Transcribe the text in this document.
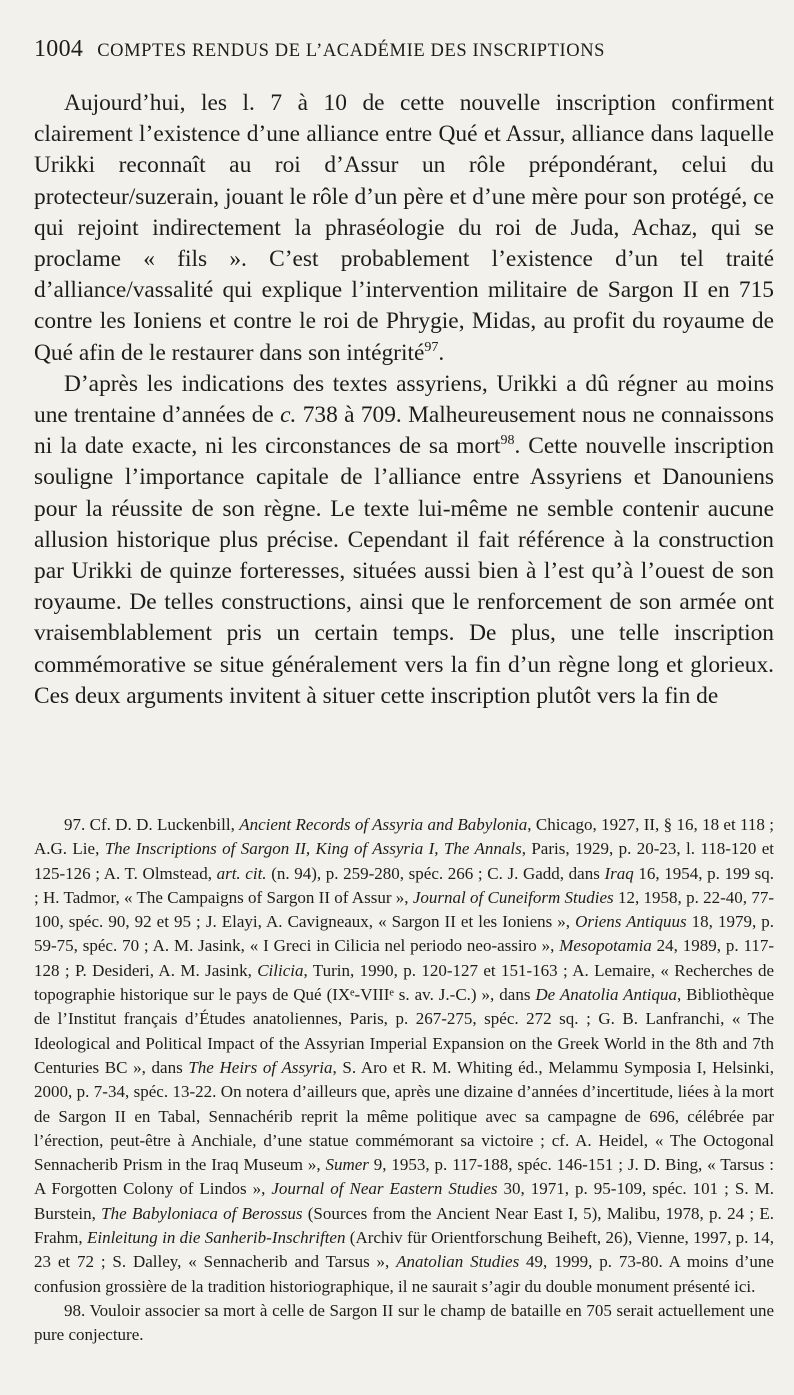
1004 COMPTES RENDUS DE L’ACADÉMIE DES INSCRIPTIONS

Aujourd’hui, les l. 7 à 10 de cette nouvelle inscription confirment clairement l’existence d’une alliance entre Qué et Assur, alliance dans laquelle Urikki reconnaît au roi d’Assur un rôle prépondérant, celui du protecteur/suzerain, jouant le rôle d’un père et d’une mère pour son protégé, ce qui rejoint indirectement la phraséologie du roi de Juda, Achaz, qui se proclame « fils ». C’est probablement l’existence d’un tel traité d’alliance/vassalité qui explique l’intervention militaire de Sargon II en 715 contre les Ioniens et contre le roi de Phrygie, Midas, au profit du royaume de Qué afin de le restaurer dans son intégrité$^{97}$.

D’après les indications des textes assyriens, Urikki a dû régner au moins une trentaine d’années de c. 738 à 709. Malheureusement nous ne connaissons ni la date exacte, ni les circonstances de sa mort$^{98}$. Cette nouvelle inscription souligne l’importance capitale de l’alliance entre Assyriens et Danouniens pour la réussite de son règne. Le texte lui-même ne semble contenir aucune allusion historique plus précise. Cependant il fait référence à la construction par Urikki de quinze forteresses, situées aussi bien à l’est qu’à l’ouest de son royaume. De telles constructions, ainsi que le renforcement de son armée ont vraisemblablement pris un certain temps. De plus, une telle inscription commémorative se situe généralement vers la fin d’un règne long et glorieux. Ces deux arguments invitent à situer cette inscription plutôt vers la fin de

97. Cf. D. D. Luckenbill, Ancient Records of Assyria and Babylonia, Chicago, 1927, II, § 16, 18 et 118 ; A.G. Lie, The Inscriptions of Sargon II, King of Assyria I, The Annals, Paris, 1929, p. 20-23, l. 118-120 et 125-126 ; A. T. Olmstead, art. cit. (n. 94), p. 259-280, spéc. 266 ; C. J. Gadd, dans Iraq 16, 1954, p. 199 sq. ; H. Tadmor, « The Campaigns of Sargon II of Assur », Journal of Cuneiform Studies 12, 1958, p. 22-40, 77-100, spéc. 90, 92 et 95 ; J. Elayi, A. Cavigneaux, « Sargon II et les Ioniens », Oriens Antiquus 18, 1979, p. 59-75, spéc. 70 ; A. M. Jasink, « I Greci in Cilicia nel periodo neo-assiro », Mesopotamia 24, 1989, p. 117-128 ; P. Desideri, A. M. Jasink, Cilicia, Turin, 1990, p. 120-127 et 151-163 ; A. Lemaire, « Recherches de topographie historique sur le pays de Qué (IXᵉ-VIIIᵉ s. av. J.-C.) », dans De Anatolia Antiqua, Bibliothèque de l’Institut français d’Études anatoliennes, Paris, p. 267-275, spéc. 272 sq. ; G. B. Lanfranchi, « The Ideological and Political Impact of the Assyrian Imperial Expansion on the Greek World in the 8th and 7th Centuries BC », dans The Heirs of Assyria, S. Aro et R. M. Whiting éd., Melammu Symposia I, Helsinki, 2000, p. 7-34, spéc. 13-22. On notera d’ailleurs que, après une dizaine d’années d’incertitude, liées à la mort de Sargon II en Tabal, Sennachérib reprit la même politique avec sa campagne de 696, célébrée par l’érection, peut-être à Anchiale, d’une statue commémorant sa victoire ; cf. A. Heidel, « The Octogonal Sennacherib Prism in the Iraq Museum », Sumer 9, 1953, p. 117-188, spéc. 146-151 ; J. D. Bing, « Tarsus : A Forgotten Colony of Lindos », Journal of Near Eastern Studies 30, 1971, p. 95-109, spéc. 101 ; S. M. Burstein, The Babyloniaca of Berossus (Sources from the Ancient Near East I, 5), Malibu, 1978, p. 24 ; E. Frahm, Einleitung in die Sanherib-Inschriften (Archiv für Orientforschung Beiheft, 26), Vienne, 1997, p. 14, 23 et 72 ; S. Dalley, « Sennacherib and Tarsus », Anatolian Studies 49, 1999, p. 73-80. A moins d’une confusion grossière de la tradition historiographique, il ne saurait s’agir du double monument présenté ici.

98. Vouloir associer sa mort à celle de Sargon II sur le champ de bataille en 705 serait actuellement une pure conjecture.
